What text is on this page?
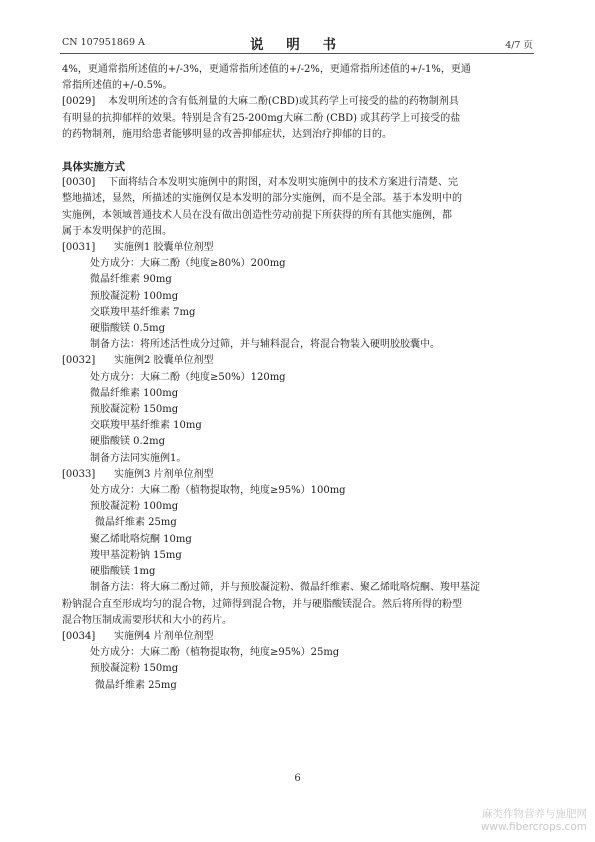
CN 107951869 A	说 明 书	4/7 页

4%，更通常指所述值的+/-3%，更通常指所述值的+/-2%，更通常指所述值的+/-1%，更通

常指所述值的+/-0.5%。

[0029] 本发明所述的含有低剂量的大麻二酚(CBD)或其药学上可接受的盐的药物制剂具

有明显的抗抑郁样的效果。特别是含有25-200mg大麻二酚 (CBD) 或其药学上可接受的盐

的药物制剂，施用给患者能够明显的改善抑郁症状，达到治疗抑郁的目的。

具体实施方式

[0030] 下面将结合本发明实施例中的附图，对本发明实施例中的技术方案进行清楚、完

整地描述，显然，所描述的实施例仅是本发明的部分实施例，而不是全部。基于本发明中的

实施例，本领域普通技术人员在没有做出创造性劳动前提下所获得的所有其他实施例，都

属于本发明保护的范围。

[0031] 实施例1 胶囊单位剂型

处方成分：大麻二酚（纯度≥80%）200mg

微晶纤维素 90mg

预胶凝淀粉 100mg

交联羧甲基纤维素 7mg

硬脂酸镁 0.5mg

制备方法：将所述活性成分过筛，并与辅料混合，将混合物装入硬明胶胶囊中。

[0032] 实施例2 胶囊单位剂型

处方成分：大麻二酚（纯度≥50%）120mg

微晶纤维素 100mg

预胶凝淀粉 150mg

交联羧甲基纤维素 10mg

硬脂酸镁 0.2mg

制备方法同实施例1。

[0033] 实施例3 片剂单位剂型

处方成分：大麻二酚（植物提取物，纯度≥95%）100mg

预胶凝淀粉 100mg

微晶纤维素 25mg

聚乙烯吡咯烷酮 10mg

羧甲基淀粉钠 15mg

硬脂酸镁 1mg

制备方法：将大麻二酚过筛，并与预胶凝淀粉、微晶纤维素、聚乙烯吡咯烷酮、羧甲基淀

粉钠混合直至形成均匀的混合物，过筛得到混合物，并与硬脂酸镁混合。然后将所得的粉型

混合物压制成需要形状和大小的药片。

[0034] 实施例4 片剂单位剂型

处方成分：大麻二酚（植物提取物，纯度≥95%）25mg

预胶凝淀粉 150mg

微晶纤维素 25mg

6
麻类作物营养与施肥网
www.fibercrops.com
